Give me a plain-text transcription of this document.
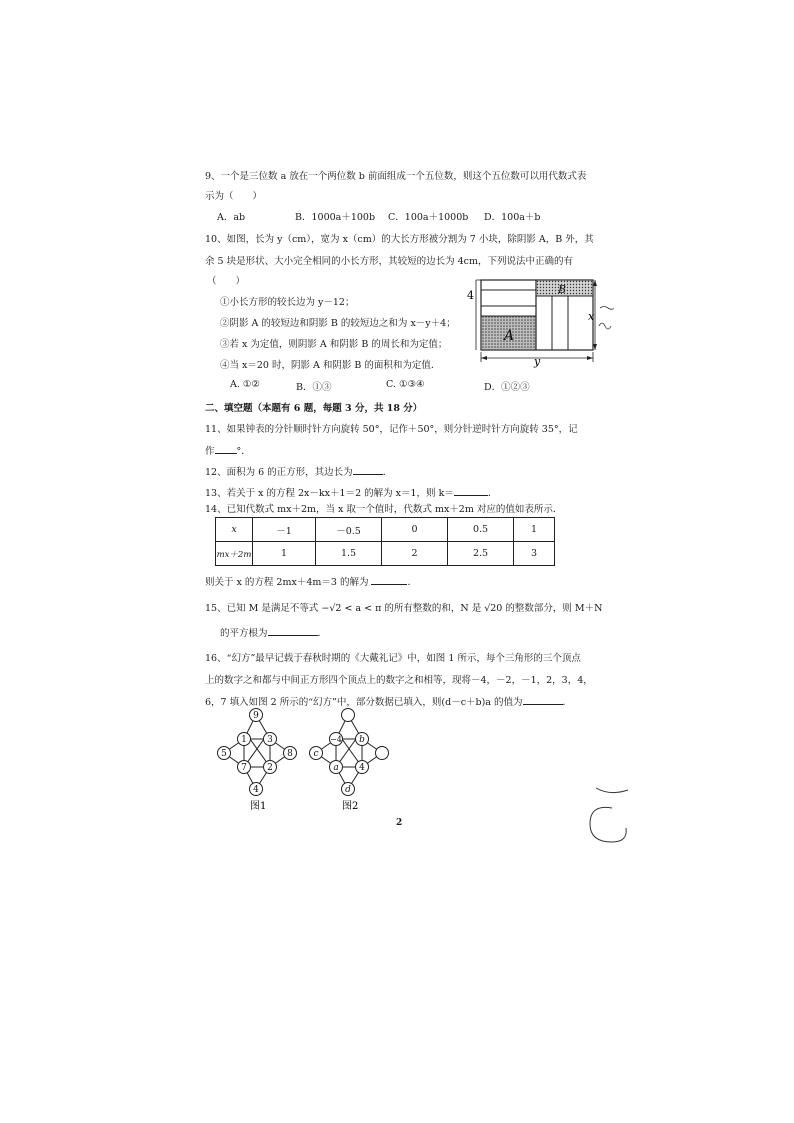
9、一个是三位数 a 放在一个两位数 b 前面组成一个五位数，则这个五位数可以用代数式表
示为（　　）
A．ab	B．1000a＋100b C．100a＋1000b D．100a＋b
10、如图，长为 y（cm），宽为 x（cm）的大长方形被分割为 7 小块，除阴影 A，B 外，其
余 5 块是形状、大小完全相同的小长方形，其较短的边长为 4cm，下列说法中正确的有
（　　）
①小长方形的较长边为 y－12；
②阴影 A 的较短边和阴影 B 的较短边之和为 x－y＋4；
③若 x 为定值，则阴影 A 和阴影 B 的周长和为定值；
④当 x＝20 时，阴影 A 和阴影 B 的面积和为定值．
A. ①②	B．①③	C. ①③④	D．①②③
4
x
y
A
B
二、填空题（本题有 6 题，每题 3 分，共 18 分）
11、如果钟表的分针顺时针方向旋转 50°，记作＋50°，则分针逆时针方向旋转 35°，记
作 °．
12、面积为 6 的正方形，其边长为	．
13、若关于 x 的方程 2x－kx＋1＝2 的解为 x＝1，则 k＝	．
14、已知代数式 mx＋2m，当 x 取一个值时，代数式 mx＋2m 对应的值如表所示．
x	－1	－0.5	0	0.5	1
mx＋2m	1	1.5	2	2.5	3
则关于 x 的方程 2mx＋4m＝3 的解为	．
15、已知 M 是满足不等式 −√2 < a < π 的所有整数的和，N 是 √20 的整数部分，则 M＋N
的平方根为	．
16、“幻方”最早记载于春秋时期的《大戴礼记》中，如图 1 所示，每个三角形的三个顶点
上的数字之和都与中间正方形四个顶点上的数字之和相等，现将－4，－2，－1，2，3，4，
6，7 填入如图 2 所示的“幻方”中，部分数据已填入，则(d－c＋b)a 的值为	．
9
1 3
5	8
7 2
4
图1
−4 b
c
a 4
d
图2
2
